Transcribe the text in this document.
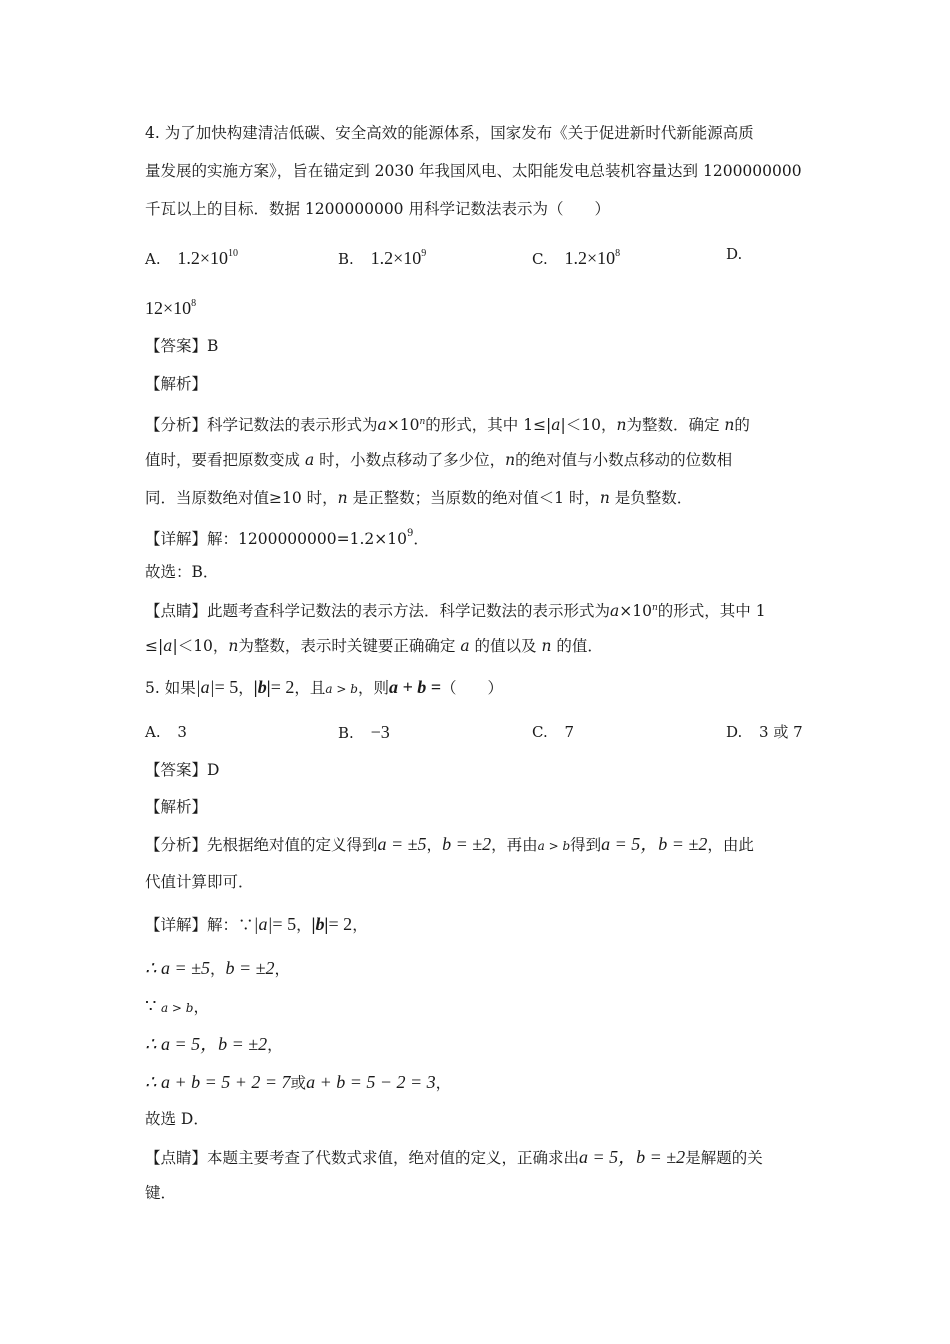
4. 为了加快构建清洁低碳、安全高效的能源体系，国家发布《关于促进新时代新能源高质
量发展的实施方案》，旨在锚定到 2030 年我国风电、太阳能发电总装机容量达到 1200000000
千瓦以上的目标．数据 1200000000 用科学记数法表示为（　　）
A. $1.2\times 10^{10}$	B. $1.2\times 10^9$	C. $1.2\times 10^8$	D.
$12\times 10^8$
【答案】B
【解析】
【分析】科学记数法的表示形式为$a\times 10^n$的形式，其中 1≤|a|＜10，n为整数．确定 n的
值时，要看把原数变成 a 时，小数点移动了多少位，n的绝对值与小数点移动的位数相
同．当原数绝对值≥10 时，n 是正整数；当原数的绝对值＜1 时，n 是负整数．
【详解】解：$1200000000=1.2\times 10^9$．
故选：B．
【点睛】此题考查科学记数法的表示方法．科学记数法的表示形式为$a\times 10^n$的形式，其中 1
≤|a|＜10，n为整数，表示时关键要正确确定 a 的值以及 n 的值．
5. 如果|a|= 5，|b|= 2，且a > b，则a + b =（　　）
A. 3	B. −3	C. 7	D. 3 或 7
【答案】D
【解析】
【分析】先根据绝对值的定义得到a = ±5，b = ±2，再由a > b得到a = 5，b = ±2，由此
代值计算即可．
【详解】解：∵|a|= 5，|b|= 2，
∴ a = ±5，b = ±2，
∵ a > b，
∴ a = 5，b = ±2，
∴ a + b = 5 + 2 = 7或a + b = 5 − 2 = 3，
故选 D．
【点睛】本题主要考查了代数式求值，绝对值的定义，正确求出a = 5，b = ±2是解题的关
键．
